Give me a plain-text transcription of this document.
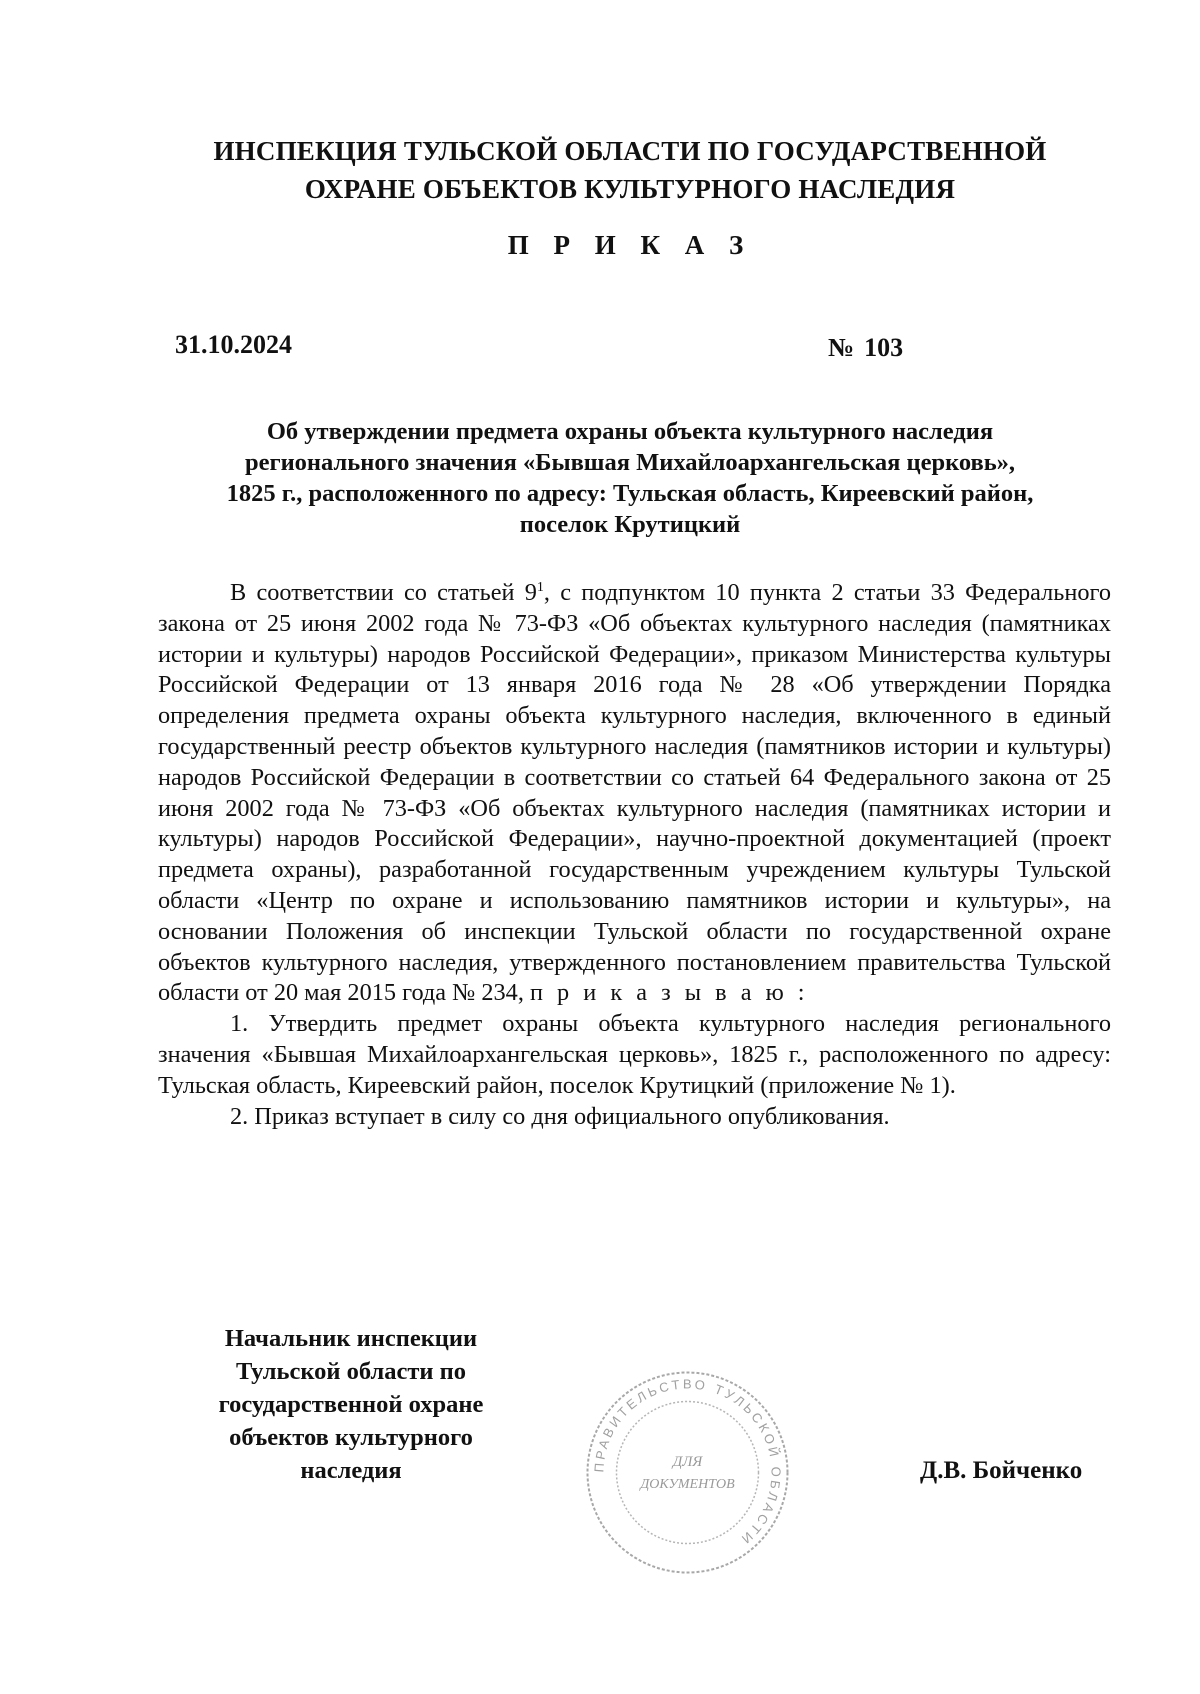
ИНСПЕКЦИЯ ТУЛЬСКОЙ ОБЛАСТИ ПО ГОСУДАРСТВЕННОЙ
ОХРАНЕ ОБЪЕКТОВ КУЛЬТУРНОГО НАСЛЕДИЯ
П Р И К А З
31.10.2024	№ 103
Об утверждении предмета охраны объекта культурного наследия
регионального значения «Бывшая Михайлоархангельская церковь»,
1825 г., расположенного по адресу: Тульская область, Киреевский район,
поселок Крутицкий

В соответствии со статьей $9^1$, с подпунктом 10 пункта 2 статьи 33 Федерального закона от 25 июня 2002 года № 73-ФЗ «Об объектах культурного наследия (памятниках истории и культуры) народов Российской Федерации», приказом Министерства культуры Российской Федерации от 13 января 2016 года № 28 «Об утверждении Порядка определения предмета охраны объекта культурного наследия, включенного в единый государственный реестр объектов культурного наследия (памятников истории и культуры) народов Российской Федерации в соответствии со статьей 64 Федерального закона от 25 июня 2002 года № 73-ФЗ «Об объектах культурного наследия (памятниках истории и культуры) народов Российской Федерации», научно-проектной документацией (проект предмета охраны), разработанной государственным учреждением культуры Тульской области «Центр по охране и использованию памятников истории и культуры», на основании Положения об инспекции Тульской области по государственной охране объектов культурного наследия, утвержденного постановлением правительства Тульской области от 20 мая 2015 года № 234, п р и к а з ы в а ю :

1. Утвердить предмет охраны объекта культурного наследия регионального значения «Бывшая Михайлоархангельская церковь», 1825 г., расположенного по адресу: Тульская область, Киреевский район, поселок Крутицкий (приложение № 1).

2. Приказ вступает в силу со дня официального опубликования.

Начальник инспекции
Тульской области по
государственной охране
объектов культурного
наследия	ПРАВИТЕЛЬСТВО ТУЛЬСКОЙ ОБЛАСТИ
ДЛЯ
ДОКУМЕНТОВ
Д.В. Бойченко
